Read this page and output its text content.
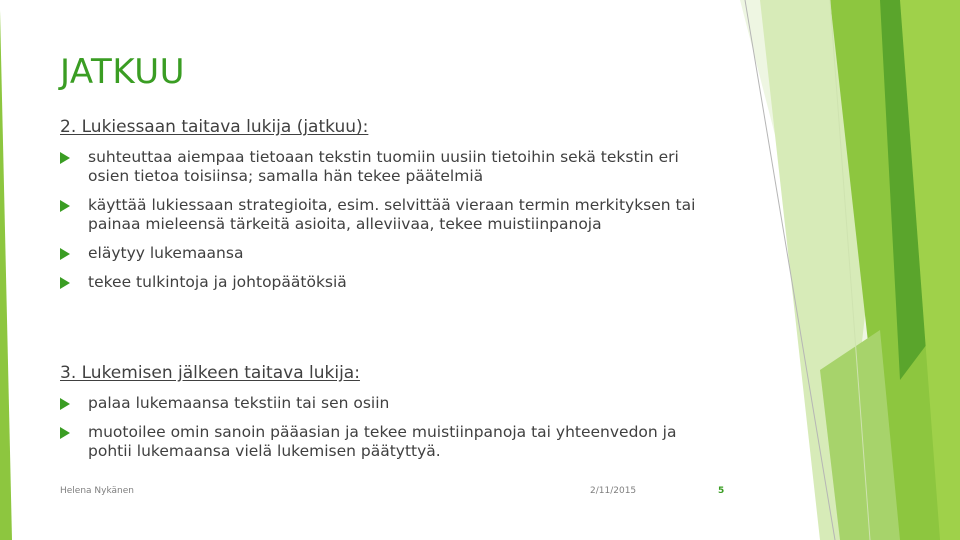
JATKUU
2. Lukiessaan taitava lukija (jatkuu):
suhteuttaa aiempaa tietoaan tekstin tuomiin uusiin tietoihin sekä tekstin eri osien tietoa toisiinsa; samalla hän tekee päätelmiä
käyttää lukiessaan strategioita, esim. selvittää vieraan termin merkityksen tai painaa mieleensä tärkeitä asioita, alleviivaa, tekee muistiinpanoja
eläytyy lukemaansa
tekee tulkintoja ja johtopäätöksiä
3. Lukemisen jälkeen taitava lukija:
palaa lukemaansa tekstiin tai sen osiin
muotoilee omin sanoin pääasian ja tekee muistiinpanoja tai yhteenvedon ja pohtii lukemaansa vielä lukemisen päätyttyä.
Helena Nykänen	2/11/2015	5
